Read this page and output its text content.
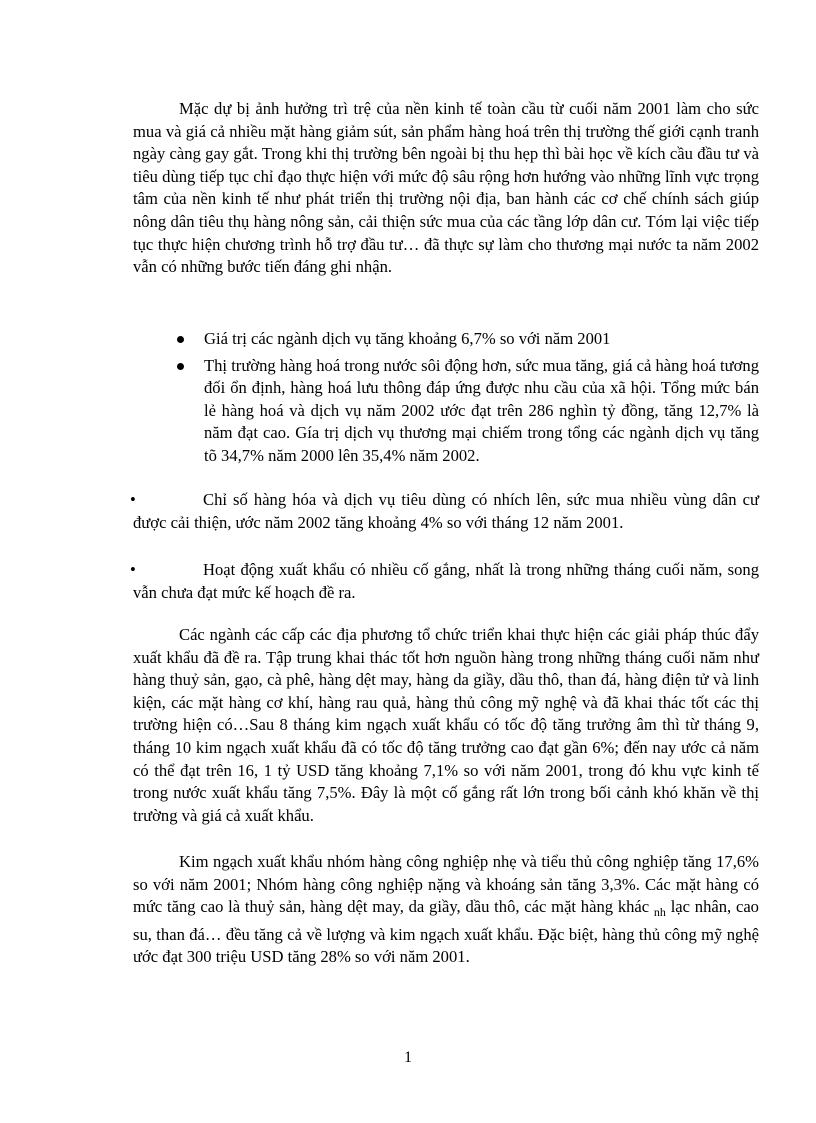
Mặc dự bị ảnh hưởng trì trệ của nền kinh tế toàn cầu từ cuối năm 2001 làm cho sức mua và giá cả nhiều mặt hàng giảm sút, sản phẩm hàng hoá trên thị trường thế giới cạnh tranh ngày càng gay gắt. Trong khi thị trường bên ngoài bị thu hẹp thì bài học về kích cầu đầu tư và tiêu dùng tiếp tục chỉ đạo thực hiện với mức độ sâu rộng hơn hướng vào những lĩnh vực trọng tâm của nền kinh tế như phát triển thị trường nội địa, ban hành các cơ chế chính sách giúp nông dân tiêu thụ hàng nông sản, cải thiện sức mua của các tầng lớp dân cư. Tóm lại việc tiếp tục thực hiện chương trình hỗ trợ đầu tư… đã thực sự làm cho thương mại nước ta năm 2002 vẫn có những bước tiến đáng ghi nhận.

Giá trị các ngành dịch vụ tăng khoảng 6,7% so với năm 2001
Thị trường hàng hoá trong nước sôi động hơn, sức mua tăng, giá cả hàng hoá tương đối ổn định, hàng hoá lưu thông đáp ứng được nhu cầu của xã hội. Tổng mức bán lẻ hàng hoá và dịch vụ năm 2002 ước đạt trên 286 nghìn tỷ đồng, tăng 12,7% là năm đạt cao. Gía trị dịch vụ thương mại chiếm trong tổng các ngành dịch vụ tăng tõ 34,7% năm 2000 lên 35,4% năm 2002.

•	Chỉ số hàng hóa và dịch vụ tiêu dùng có nhích lên, sức mua nhiều vùng dân cư được cải thiện, ước năm 2002 tăng khoảng 4% so với tháng 12 năm 2001.

•	Hoạt động xuất khẩu có nhiều cố gắng, nhất là trong những tháng cuối năm, song vẫn chưa đạt mức kế hoạch đề ra.

Các ngành các cấp các địa phương tổ chức triển khai thực hiện các giải pháp thúc đẩy xuất khẩu đã đề ra. Tập trung khai thác tốt hơn nguồn hàng trong những tháng cuối năm như hàng thuỷ sản, gạo, cà phê, hàng dệt may, hàng da giầy, dầu thô, than đá, hàng điện tử và linh kiện, các mặt hàng cơ khí, hàng rau quả, hàng thủ công mỹ nghệ và đã khai thác tốt các thị trường hiện có…Sau 8 tháng kim ngạch xuất khẩu có tốc độ tăng trưởng âm thì từ tháng 9, tháng 10 kim ngạch xuất khẩu đã có tốc độ tăng trưởng cao đạt gần 6%; đến nay ước cả năm có thể đạt trên 16, 1 tỷ USD tăng khoảng 7,1% so với năm 2001, trong đó khu vực kinh tế trong nước xuất khẩu tăng 7,5%. Đây là một cố gắng rất lớn trong bối cảnh khó khăn về thị trường và giá cả xuất khẩu.

Kim ngạch xuất khẩu nhóm hàng công nghiệp nhẹ và tiểu thủ công nghiệp tăng 17,6% so với năm 2001; Nhóm hàng công nghiệp nặng và khoáng sản tăng 3,3%. Các mặt hàng có mức tăng cao là thuỷ sản, hàng dệt may, da giầy, dầu thô, các mặt hàng khác $_{nh}$ lạc nhân, cao su, than đá… đều tăng cả về lượng và kim ngạch xuất khẩu. Đặc biệt, hàng thủ công mỹ nghệ ước đạt 300 triệu USD tăng 28% so với năm 2001.

1
